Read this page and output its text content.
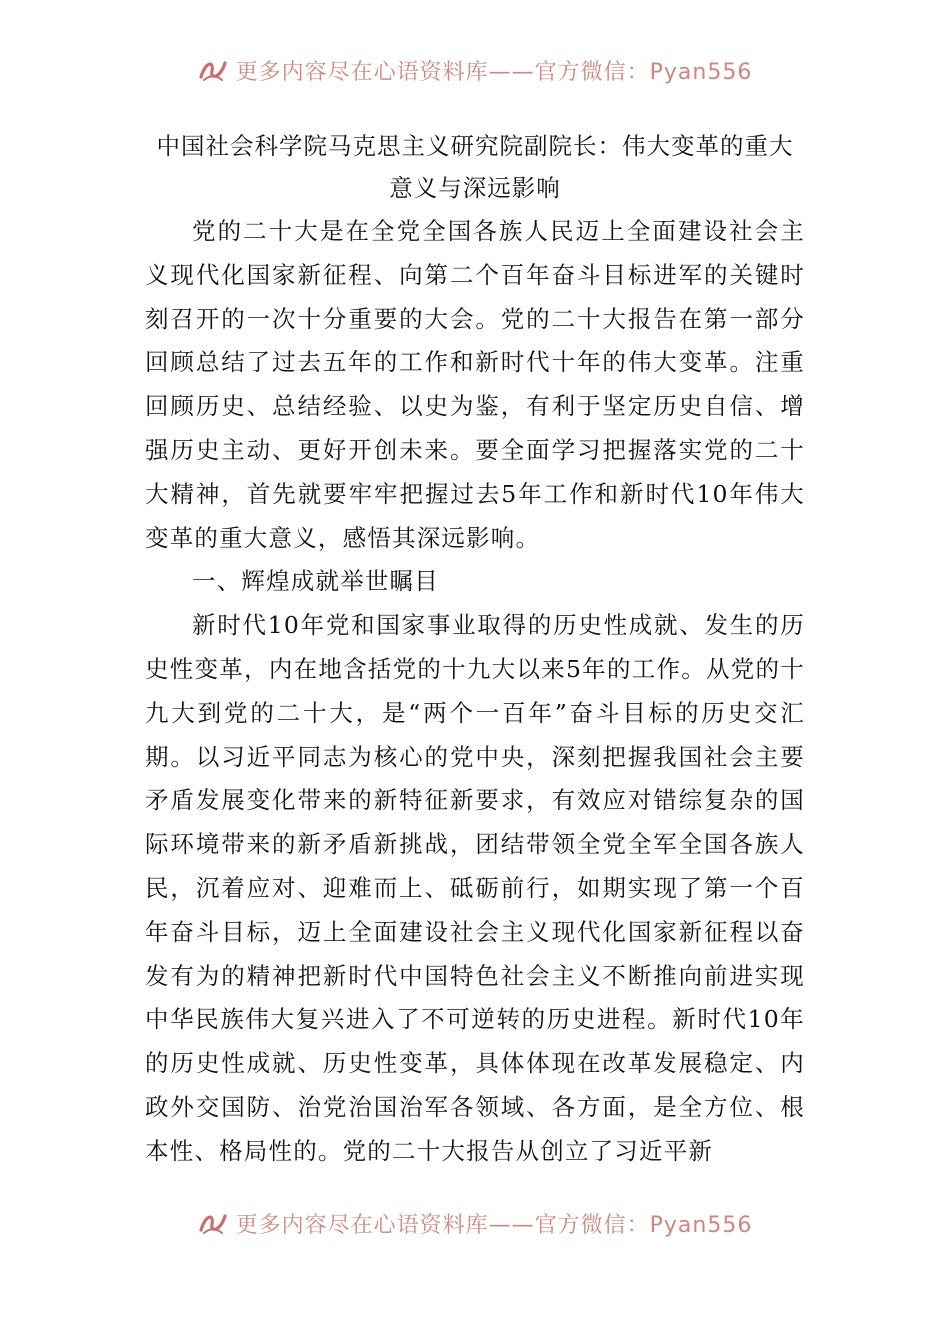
更多内容尽在心语资料库——官方微信：Pyan556
中国社会科学院马克思主义研究院副院长：伟大变革的重大意义与深远影响

党的二十大是在全党全国各族人民迈上全面建设社会主义现代化国家新征程、向第二个百年奋斗目标进军的关键时刻召开的一次十分重要的大会。党的二十大报告在第一部分回顾总结了过去五年的工作和新时代十年的伟大变革。注重回顾历史、总结经验、以史为鉴，有利于坚定历史自信、增强历史主动、更好开创未来。要全面学习把握落实党的二十大精神，首先就要牢牢把握过去5年工作和新时代10年伟大变革的重大意义，感悟其深远影响。

一、辉煌成就举世瞩目

新时代10年党和国家事业取得的历史性成就、发生的历史性变革，内在地含括党的十九大以来5年的工作。从党的十九大到党的二十大，是“两个一百年”奋斗目标的历史交汇期。以习近平同志为核心的党中央，深刻把握我国社会主要矛盾发展变化带来的新特征新要求，有效应对错综复杂的国际环境带来的新矛盾新挑战，团结带领全党全军全国各族人民，沉着应对、迎难而上、砥砺前行，如期实现了第一个百年奋斗目标，迈上全面建设社会主义现代化国家新征程以奋发有为的精神把新时代中国特色社会主义不断推向前进实现中华民族伟大复兴进入了不可逆转的历史进程。新时代10年的历史性成就、历史性变革，具体体现在改革发展稳定、内政外交国防、治党治国治军各领域、各方面，是全方位、根本性、格局性的。党的二十大报告从创立了习近平新

更多内容尽在心语资料库——官方微信：Pyan556
